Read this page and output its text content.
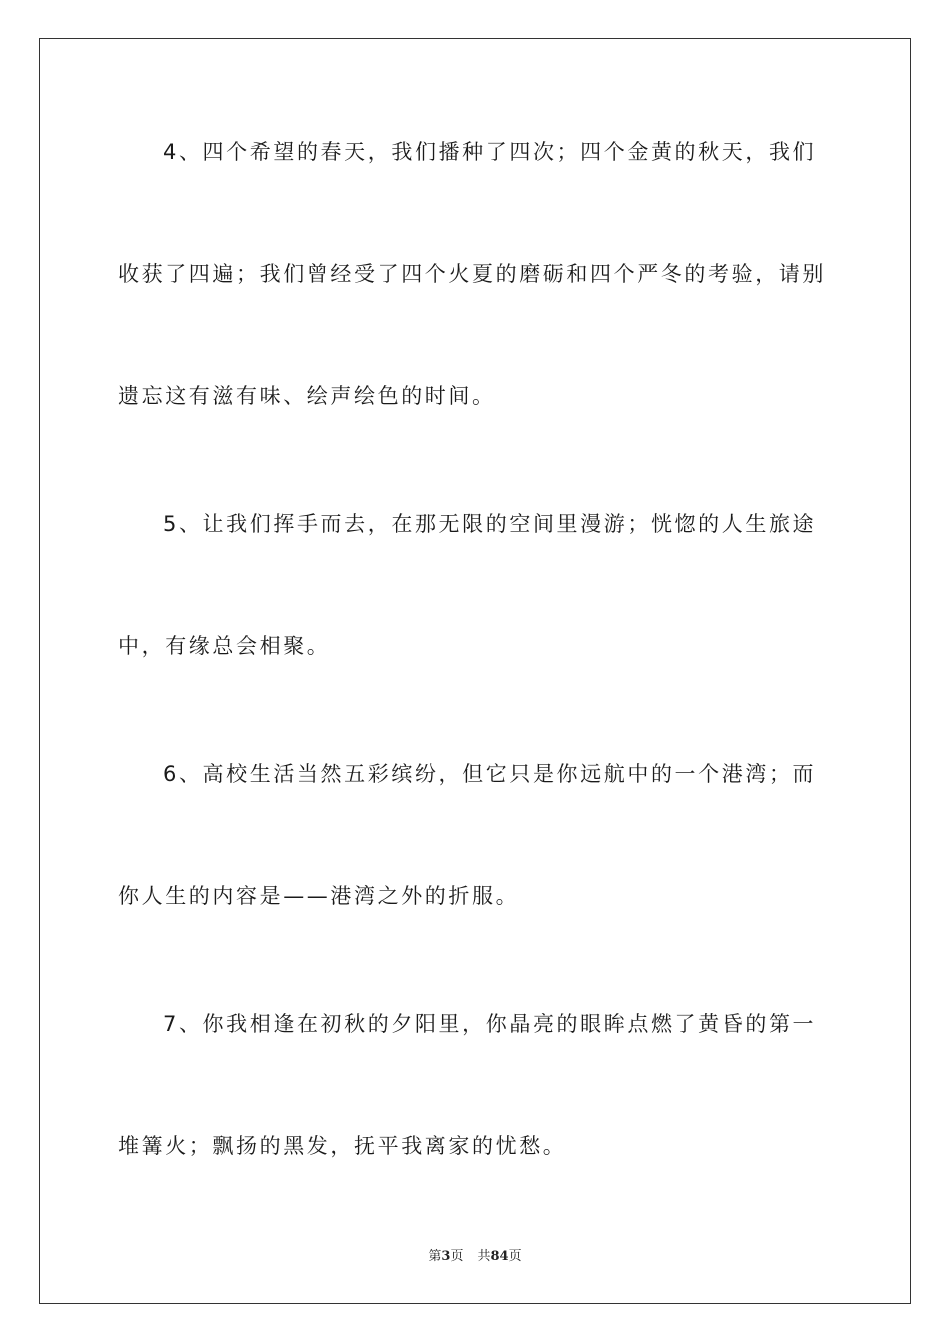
4、四个希望的春天，我们播种了四次；四个金黄的秋天，我们
收获了四遍；我们曾经受了四个火夏的磨砺和四个严冬的考验，请别
遗忘这有滋有味、绘声绘色的时间。
5、让我们挥手而去，在那无限的空间里漫游；恍惚的人生旅途
中，有缘总会相聚。
6、高校生活当然五彩缤纷，但它只是你远航中的一个港湾；而
你人生的内容是——港湾之外的折服。
7、你我相逢在初秋的夕阳里，你晶亮的眼眸点燃了黄昏的第一
堆篝火；飘扬的黑发，抚平我离家的忧愁。
第3页 共84页
